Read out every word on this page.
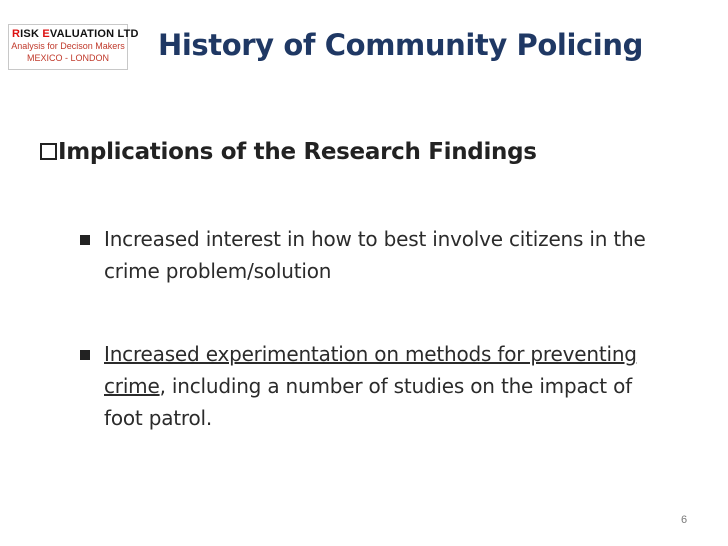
RISK EVALUATION LTD
Analysis for Decison Makers
MEXICO - LONDON	History of Community Policing
Implications of the Research Findings
Increased interest in how to best involve citizens in the crime problem/solution
Increased experimentation on methods for preventing crime, including a number of studies on the impact of foot patrol.
6
